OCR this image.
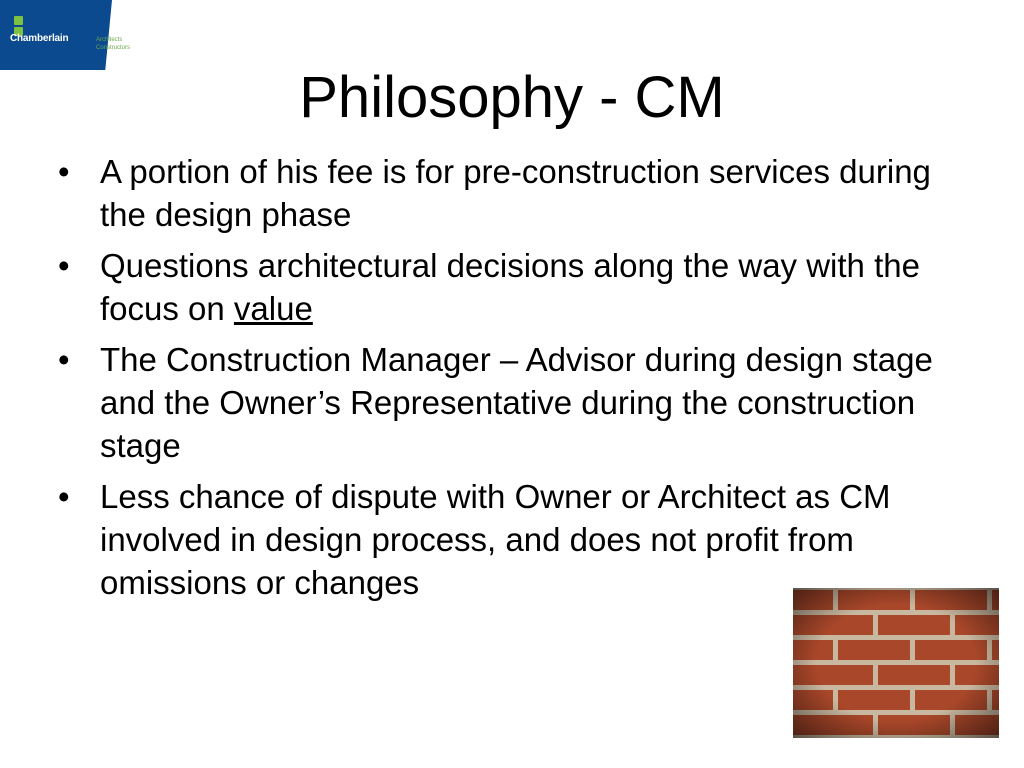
Chamberlain	Architects
Constructors
Philosophy - CM
• A portion of his fee is for pre-construction services during the design phase
• Questions architectural decisions along the way with the focus on value
• The Construction Manager – Advisor during design stage and the Owner’s Representative during the construction stage
• Less chance of dispute with Owner or Architect as CM involved in design process, and does not profit from omissions or changes
